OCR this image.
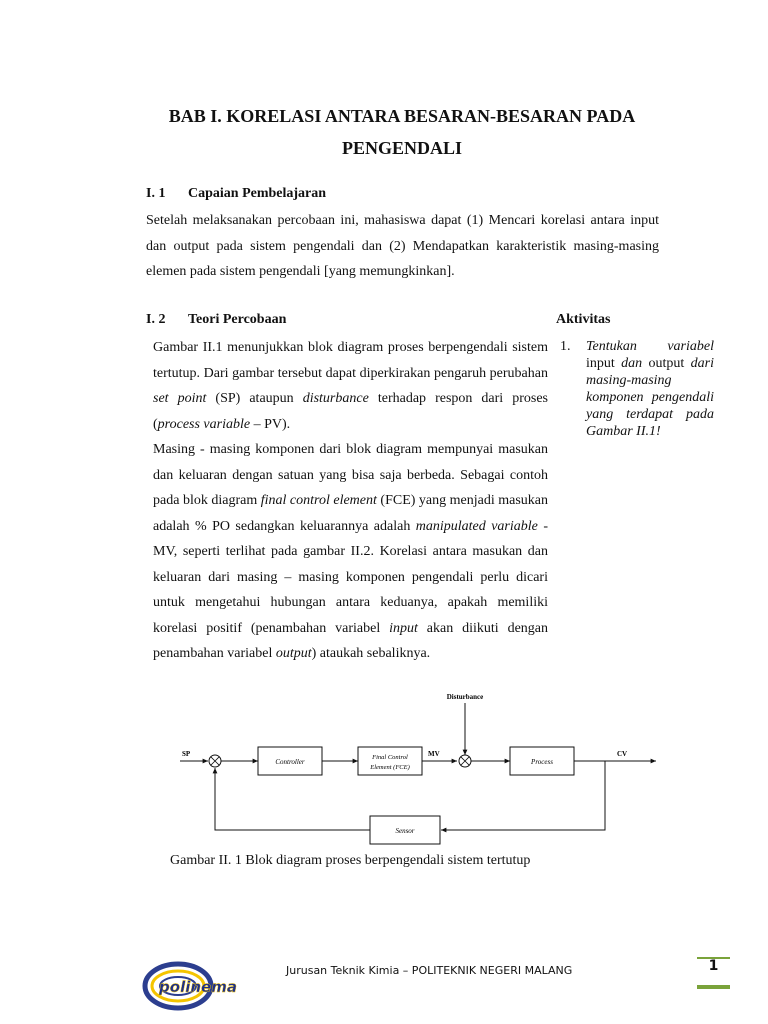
BAB I. KORELASI ANTARA BESARAN-BESARAN PADA
PENGENDALI
I. 1 Capaian Pembelajaran

Setelah melaksanakan percobaan ini, mahasiswa dapat (1) Mencari korelasi antara input dan output pada sistem pengendali dan (2) Mendapatkan karakteristik masing-masing elemen pada sistem pengendali [yang memungkinkan].

I. 2 Teori Percobaan

Gambar II.1 menunjukkan blok diagram proses berpengendali sistem tertutup. Dari gambar tersebut dapat diperkirakan pengaruh perubahan set point (SP) ataupun disturbance terhadap respon dari proses (process variable – PV).

Masing - masing komponen dari blok diagram mempunyai masukan dan keluaran dengan satuan yang bisa saja berbeda. Sebagai contoh pada blok diagram final control element (FCE) yang menjadi masukan adalah % PO sedangkan keluarannya adalah manipulated variable - MV, seperti terlihat pada gambar II.2. Korelasi antara masukan dan keluaran dari masing – masing komponen pengendali perlu dicari untuk mengetahui hubungan antara keduanya, apakah memiliki korelasi positif (penambahan variabel input akan diikuti dengan penambahan variabel output) ataukah sebaliknya.

Aktivitas
1.	Tentukan variabel input dan output dari masing-masing komponen pengendali yang terdapat pada Gambar II.1!
Disturbance
SP
Controller
Final Control
Element (FCE)
MV
Process
CV
Sensor

Gambar II. 1 Blok diagram proses berpengendali sistem tertutup

polinema

Jurusan Teknik Kimia – POLITEKNIK NEGERI MALANG	1
